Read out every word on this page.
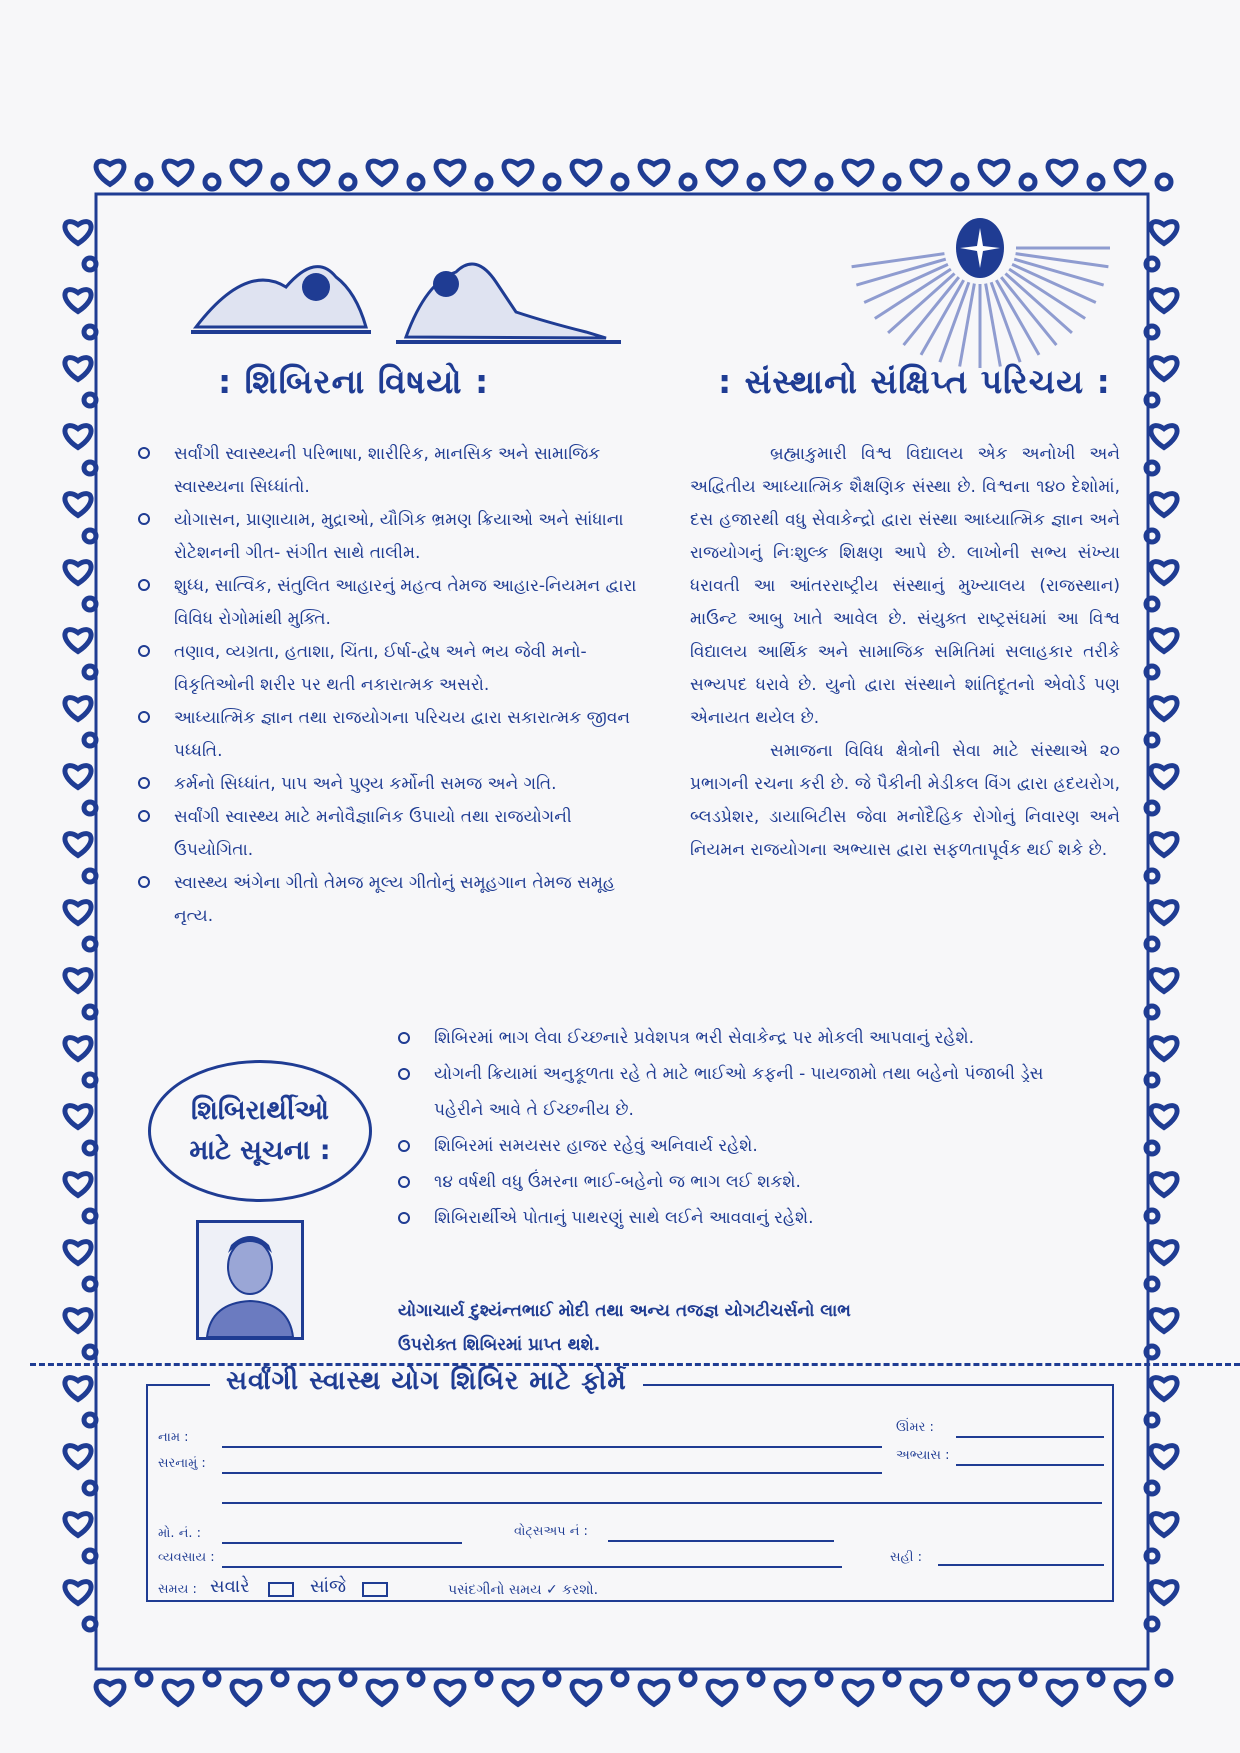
: શિબિરના વિષયો :	: સંસ્થાનો સંક્ષિપ્ત પરિચય :
સર્વાંગી સ્વાસ્થ્યની પરિભાષા, શારીરિક, માનસિક અને સામાજિક સ્વાસ્થ્યના સિધ્ધાંતો.
યોગાસન, પ્રાણાયામ, મુદ્રાઓ, યૌગિક ભ્રમણ ક્રિયાઓ અને સાંધાના રોટેશનની ગીત- સંગીત સાથે તાલીમ.
શુધ્ધ, સાત્વિક, સંતુલિત આહારનું મહત્વ તેમજ આહાર-નિયમન દ્વારા વિવિધ રોગોમાંથી મુક્તિ.
તણાવ, વ્યગ્રતા, હતાશા, ચિંતા, ઈર્ષા-દ્વેષ અને ભય જેવી મનો-વિકૃતિઓની શરીર પર થતી નકારાત્મક અસરો.
આધ્યાત્મિક જ્ઞાન તથા રાજયોગના પરિચય દ્વારા સકારાત્મક જીવન પધ્ધતિ.
કર્મનો સિધ્ધાંત, પાપ અને પુણ્ય કર્મોની સમજ અને ગતિ.
સર્વાંગી સ્વાસ્થ્ય માટે મનોવૈજ્ઞાનિક ઉપાયો તથા રાજયોગની ઉપયોગિતા.
સ્વાસ્થ્ય અંગેના ગીતો તેમજ મૂલ્ય ગીતોનું સમૂહગાન તેમજ સમૂહ નૃત્ય.
બ્રહ્માકુમારી વિશ્વ વિદ્યાલય એક અનોખી અને અદ્વિતીય આધ્યાત્મિક શૈક્ષણિક સંસ્થા છે. વિશ્વના ૧૪૦ દેશોમાં, દસ હજારથી વધુ સેવાકેન્દ્રો દ્વારા સંસ્થા આધ્યાત્મિક જ્ઞાન અને રાજયોગનું નિઃશુલ્ક શિક્ષણ આપે છે. લાખોની સભ્ય સંખ્યા ધરાવતી આ આંતરરાષ્ટ્રીય સંસ્થાનું મુખ્યાલય (રાજસ્થાન) માઉન્ટ આબુ ખાતે આવેલ છે. સંયુક્ત રાષ્ટ્રસંઘમાં આ વિશ્વ વિદ્યાલય આર્થિક અને સામાજિક સમિતિમાં સલાહકાર તરીકે સભ્યપદ ધરાવે છે. યુનો દ્વારા સંસ્થાને શાંતિદૂતનો એવોર્ડ પણ એનાયત થયેલ છે.
સમાજના વિવિધ ક્ષેત્રોની સેવા માટે સંસ્થાએ ૨૦ પ્રભાગની રચના કરી છે. જે પૈકીની મેડીકલ વિંગ દ્વારા હ્રદયરોગ, બ્લડપ્રેશર, ડાયાબિટીસ જેવા મનોદૈહિક રોગોનું નિવારણ અને નિયમન રાજયોગના અભ્યાસ દ્વારા સફળતાપૂર્વક થઈ શકે છે.
શિબિરાર્થીઓ
માટે સૂચના :
શિબિરમાં ભાગ લેવા ઈચ્છનારે પ્રવેશપત્ર ભરી સેવાકેન્દ્ર પર મોકલી આપવાનું રહેશે.
યોગની ક્રિયામાં અનુકૂળતા રહે તે માટે ભાઈઓ કફની - પાયજામો તથા બહેનો પંજાબી ડ્રેસ પહેરીને આવે તે ઈચ્છનીય છે.
શિબિરમાં સમયસર હાજર રહેવું અનિવાર્ય રહેશે.
૧૪ વર્ષથી વધુ ઉંમરના ભાઈ-બહેનો જ ભાગ લઈ શકશે.
શિબિરાર્થીએ પોતાનું પાથરણું સાથે લઈને આવવાનું રહેશે.
યોગાચાર્ય દુશ્યંન્તભાઈ મોદી તથા અન્ય તજજ્ઞ યોગટીચર્સનો લાભ
ઉપરોક્ત શિબિરમાં પ્રાપ્ત થશે.
સર્વાંગી સ્વાસ્થ યોગ શિબિર માટે ફોર્મ
નામ :
ઊંમર :
સરનામું :
અભ્યાસ :
મો. નં. :	વોટ્સઅપ નં :
વ્યવસાય :	સહી :
સમય : સવારે	સાંજે	પસંદગીનો સમય ✓ કરશો.
